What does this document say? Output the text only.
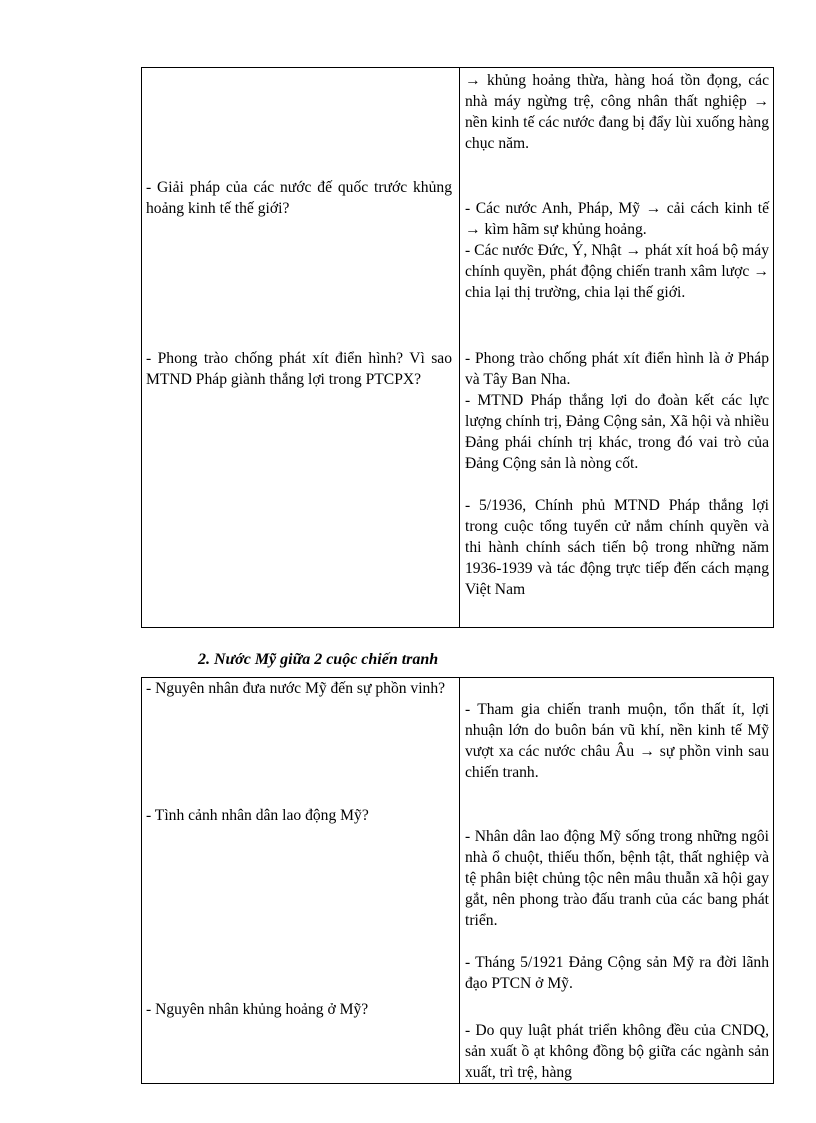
→ khủng hoảng thừa, hàng hoá tồn đọng, các nhà máy ngừng trệ, công nhân thất nghiệp → nền kinh tế các nước đang bị đẩy lùi xuống hàng chục năm.
- Giải pháp của các nước đế quốc trước khủng hoảng kinh tế thế giới?	- Các nước Anh, Pháp, Mỹ → cải cách kinh tế → kìm hãm sự khủng hoảng.
- Các nước Đức, Ý, Nhật → phát xít hoá bộ máy chính quyền, phát động chiến tranh xâm lược → chia lại thị trường, chia lại thế giới.
- Phong trào chống phát xít điển hình? Vì sao MTND Pháp giành thắng lợi trong PTCPX?
- Phong trào chống phát xít điển hình là ở Pháp và Tây Ban Nha.
- MTND Pháp thắng lợi do đoàn kết các lực lượng chính trị, Đảng Cộng sản, Xã hội và nhiều Đảng phái chính trị khác, trong đó vai trò của Đảng Cộng sản là nòng cốt.
- 5/1936, Chính phủ MTND Pháp thắng lợi trong cuộc tổng tuyển cử nắm chính quyền và thi hành chính sách tiến bộ trong những năm 1936-1939 và tác động trực tiếp đến cách mạng Việt Nam
2. Nước Mỹ giữa 2 cuộc chiến tranh
- Nguyên nhân đưa nước Mỹ đến sự phồn vinh?
- Tham gia chiến tranh muộn, tổn thất ít, lợi nhuận lớn do buôn bán vũ khí, nền kinh tế Mỹ vượt xa các nước châu Âu → sự phồn vinh sau chiến tranh.
- Tình cảnh nhân dân lao động Mỹ?
- Nhân dân lao động Mỹ sống trong những ngôi nhà ổ chuột, thiếu thốn, bệnh tật, thất nghiệp và tệ phân biệt chủng tộc nên mâu thuẫn xã hội gay gắt, nên phong trào đấu tranh của các bang phát triển.
- Tháng 5/1921 Đảng Cộng sản Mỹ ra đời lãnh đạo PTCN ở Mỹ.
- Nguyên nhân khủng hoảng ở Mỹ?
- Do quy luật phát triển không đều của CNDQ, sản xuất ồ ạt không đồng bộ giữa các ngành sản xuất, trì trệ, hàng
